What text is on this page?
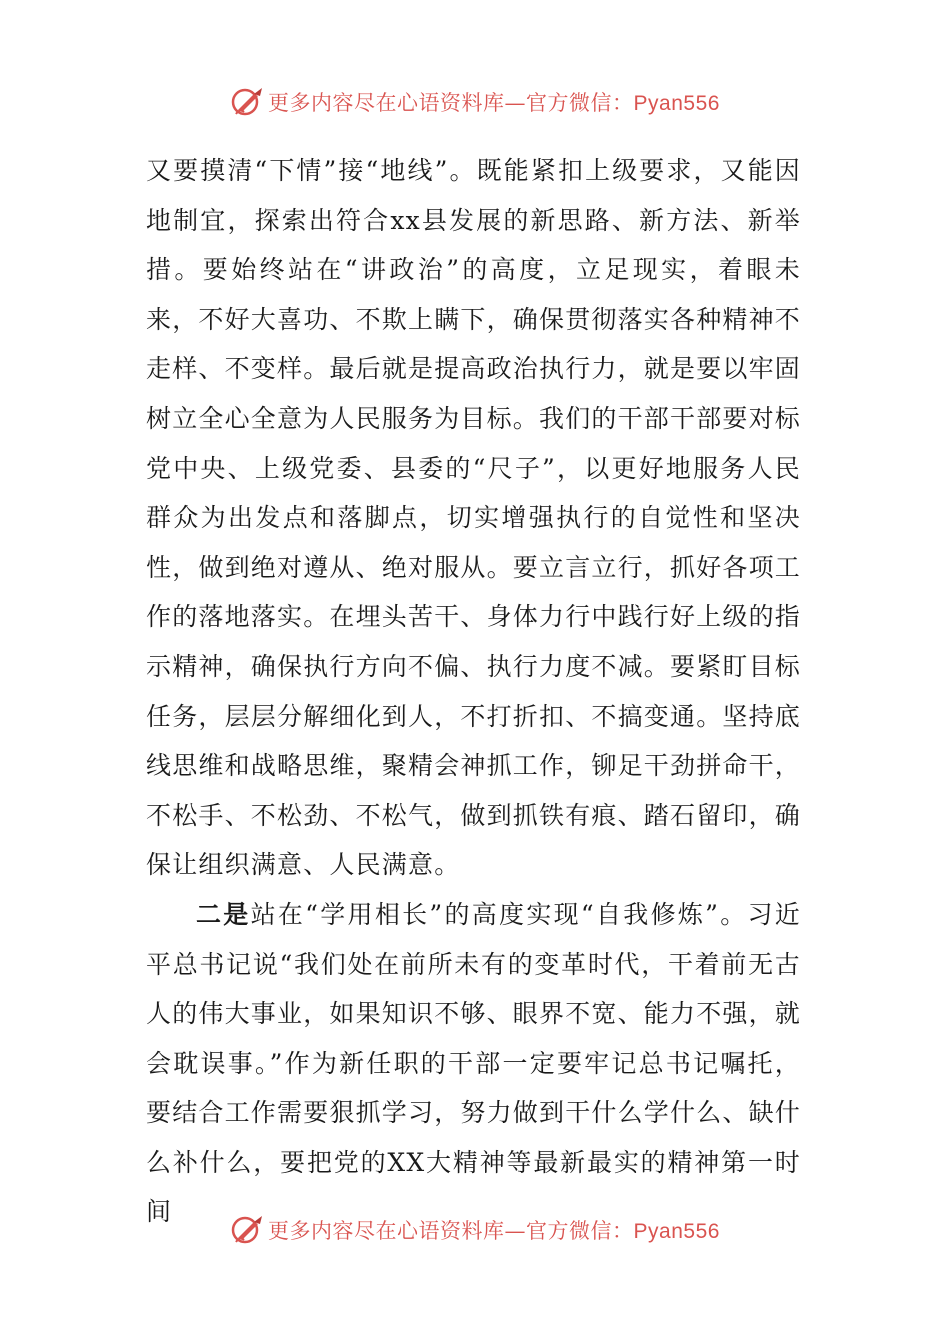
更多内容尽在心语资料库—官方微信：Pyan556

又要摸清“下情”接“地线”。既能紧扣上级要求，又能因地制宜，探索出符合xx县发展的新思路、新方法、新举措。要始终站在“讲政治”的高度，立足现实，着眼未来，不好大喜功、不欺上瞒下，确保贯彻落实各种精神不走样、不变样。最后就是提高政治执行力，就是要以牢固树立全心全意为人民服务为目标。我们的干部干部要对标党中央、上级党委、县委的“尺子”，以更好地服务人民群众为出发点和落脚点，切实增强执行的自觉性和坚决性，做到绝对遵从、绝对服从。要立言立行，抓好各项工作的落地落实。在埋头苦干、身体力行中践行好上级的指示精神，确保执行方向不偏、执行力度不减。要紧盯目标任务，层层分解细化到人，不打折扣、不搞变通。坚持底线思维和战略思维，聚精会神抓工作，铆足干劲拼命干，不松手、不松劲、不松气，做到抓铁有痕、踏石留印，确保让组织满意、人民满意。

二是站在“学用相长”的高度实现“自我修炼”。习近平总书记说“我们处在前所未有的变革时代，干着前无古人的伟大事业，如果知识不够、眼界不宽、能力不强，就会耽误事。”作为新任职的干部一定要牢记总书记嘱托，要结合工作需要狠抓学习，努力做到干什么学什么、缺什么补什么，要把党的XX大精神等最新最实的精神第一时间

更多内容尽在心语资料库—官方微信：Pyan556
